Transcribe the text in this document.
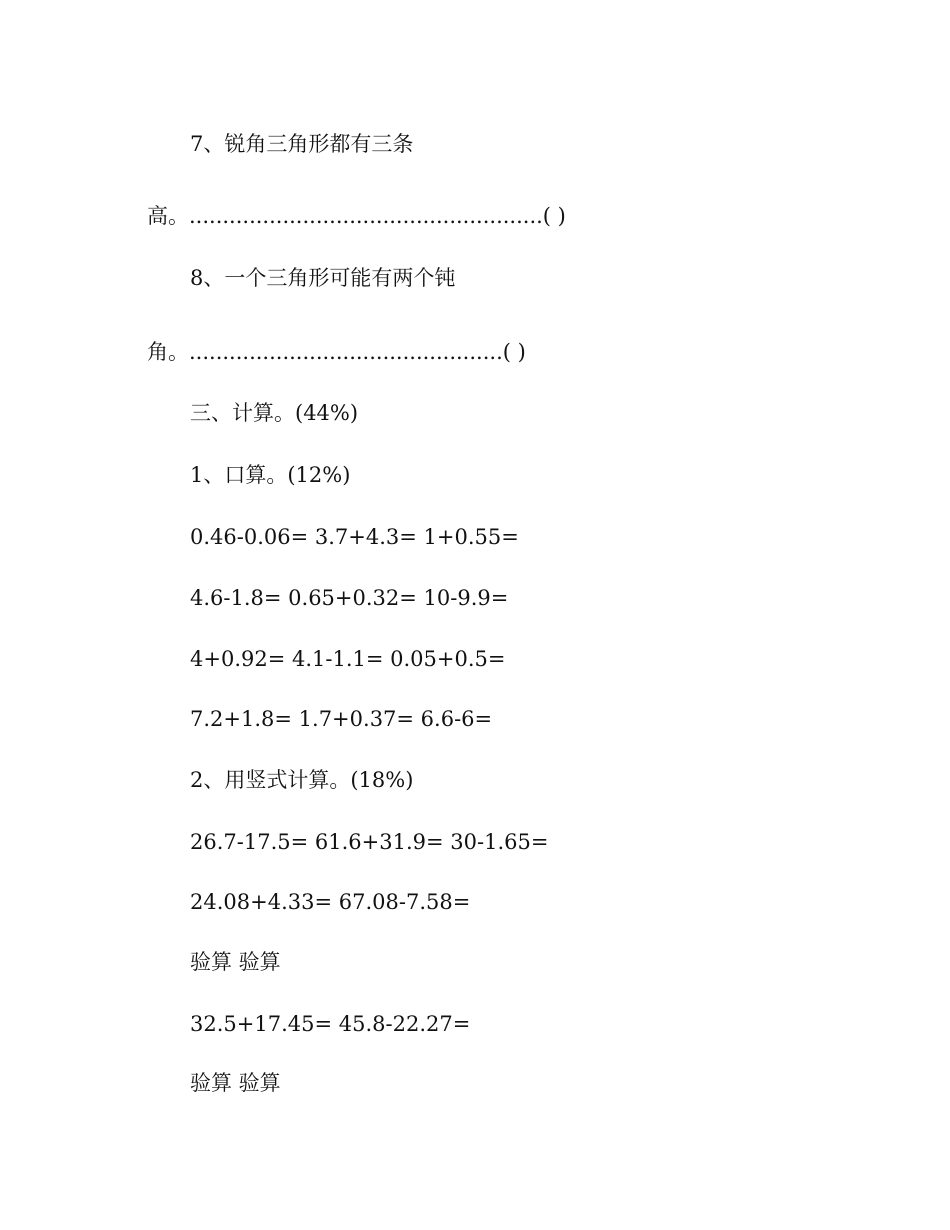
7、锐角三角形都有三条
高。.....................................................( )
8、一个三角形可能有两个钝
角。...............................................( )
三、计算。(44%)
1、口算。(12%)
0.46-0.06= 3.7+4.3= 1+0.55=
4.6-1.8= 0.65+0.32= 10-9.9=
4+0.92= 4.1-1.1= 0.05+0.5=
7.2+1.8= 1.7+0.37= 6.6-6=
2、用竖式计算。(18%)
26.7-17.5= 61.6+31.9= 30-1.65=
24.08+4.33= 67.08-7.58=
验算 验算
32.5+17.45= 45.8-22.27=
验算 验算
